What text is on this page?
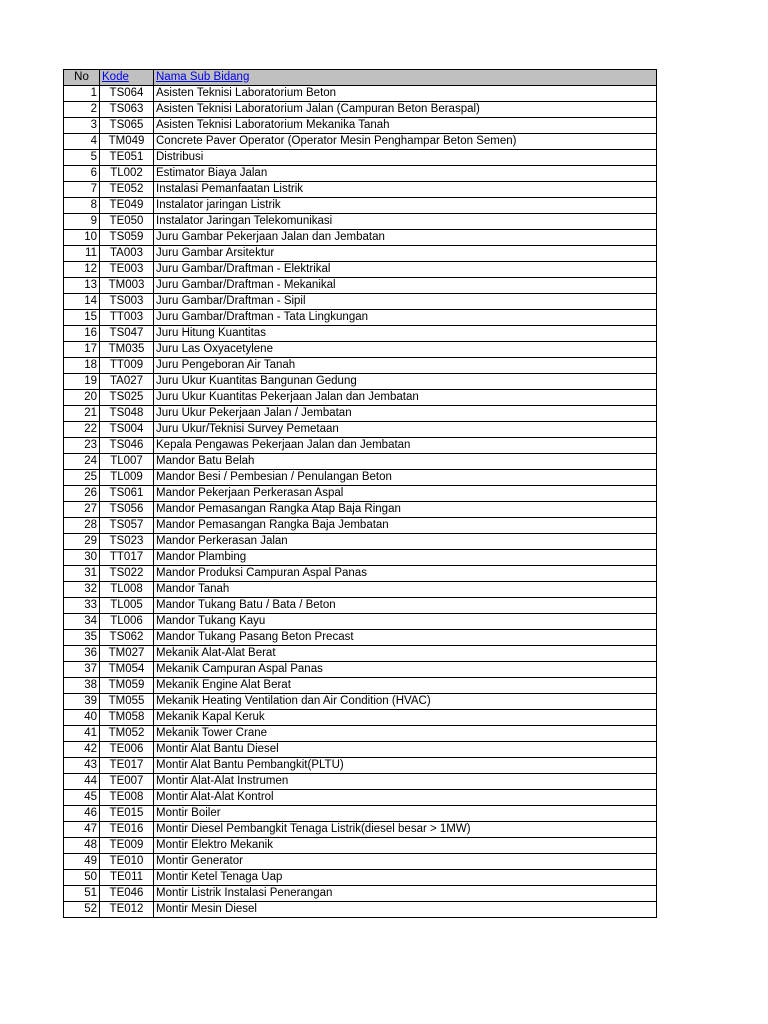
No	Kode	Nama Sub Bidang
1	TS064	Asisten Teknisi Laboratorium Beton
2	TS063	Asisten Teknisi Laboratorium Jalan (Campuran Beton Beraspal)
3	TS065	Asisten Teknisi Laboratorium Mekanika Tanah
4	TM049	Concrete Paver Operator (Operator Mesin Penghampar Beton Semen)
5	TE051	Distribusi
6	TL002	Estimator Biaya Jalan
7	TE052	Instalasi Pemanfaatan Listrik
8	TE049	Instalator jaringan Listrik
9	TE050	Instalator Jaringan Telekomunikasi
10	TS059	Juru Gambar Pekerjaan Jalan dan Jembatan
11	TA003	Juru Gambar Arsitektur
12	TE003	Juru Gambar/Draftman - Elektrikal
13	TM003	Juru Gambar/Draftman - Mekanikal
14	TS003	Juru Gambar/Draftman - Sipil
15	TT003	Juru Gambar/Draftman - Tata Lingkungan
16	TS047	Juru Hitung Kuantitas
17	TM035	Juru Las Oxyacetylene
18	TT009	Juru Pengeboran Air Tanah
19	TA027	Juru Ukur Kuantitas Bangunan Gedung
20	TS025	Juru Ukur Kuantitas Pekerjaan Jalan dan Jembatan
21	TS048	Juru Ukur Pekerjaan Jalan / Jembatan
22	TS004	Juru Ukur/Teknisi Survey Pemetaan
23	TS046	Kepala Pengawas Pekerjaan Jalan dan Jembatan
24	TL007	Mandor Batu Belah
25	TL009	Mandor Besi / Pembesian / Penulangan Beton
26	TS061	Mandor Pekerjaan Perkerasan Aspal
27	TS056	Mandor Pemasangan Rangka Atap Baja Ringan
28	TS057	Mandor Pemasangan Rangka Baja Jembatan
29	TS023	Mandor Perkerasan Jalan
30	TT017	Mandor Plambing
31	TS022	Mandor Produksi Campuran Aspal Panas
32	TL008	Mandor Tanah
33	TL005	Mandor Tukang Batu / Bata / Beton
34	TL006	Mandor Tukang Kayu
35	TS062	Mandor Tukang Pasang Beton Precast
36	TM027	Mekanik Alat-Alat Berat
37	TM054	Mekanik Campuran Aspal Panas
38	TM059	Mekanik Engine Alat Berat
39	TM055	Mekanik Heating Ventilation dan Air Condition (HVAC)
40	TM058	Mekanik Kapal Keruk
41	TM052	Mekanik Tower Crane
42	TE006	Montir Alat Bantu Diesel
43	TE017	Montir Alat Bantu Pembangkit(PLTU)
44	TE007	Montir Alat-Alat Instrumen
45	TE008	Montir Alat-Alat Kontrol
46	TE015	Montir Boiler
47	TE016	Montir Diesel Pembangkit Tenaga Listrik(diesel besar > 1MW)
48	TE009	Montir Elektro Mekanik
49	TE010	Montir Generator
50	TE011	Montir Ketel Tenaga Uap
51	TE046	Montir Listrik Instalasi Penerangan
52	TE012	Montir Mesin Diesel
